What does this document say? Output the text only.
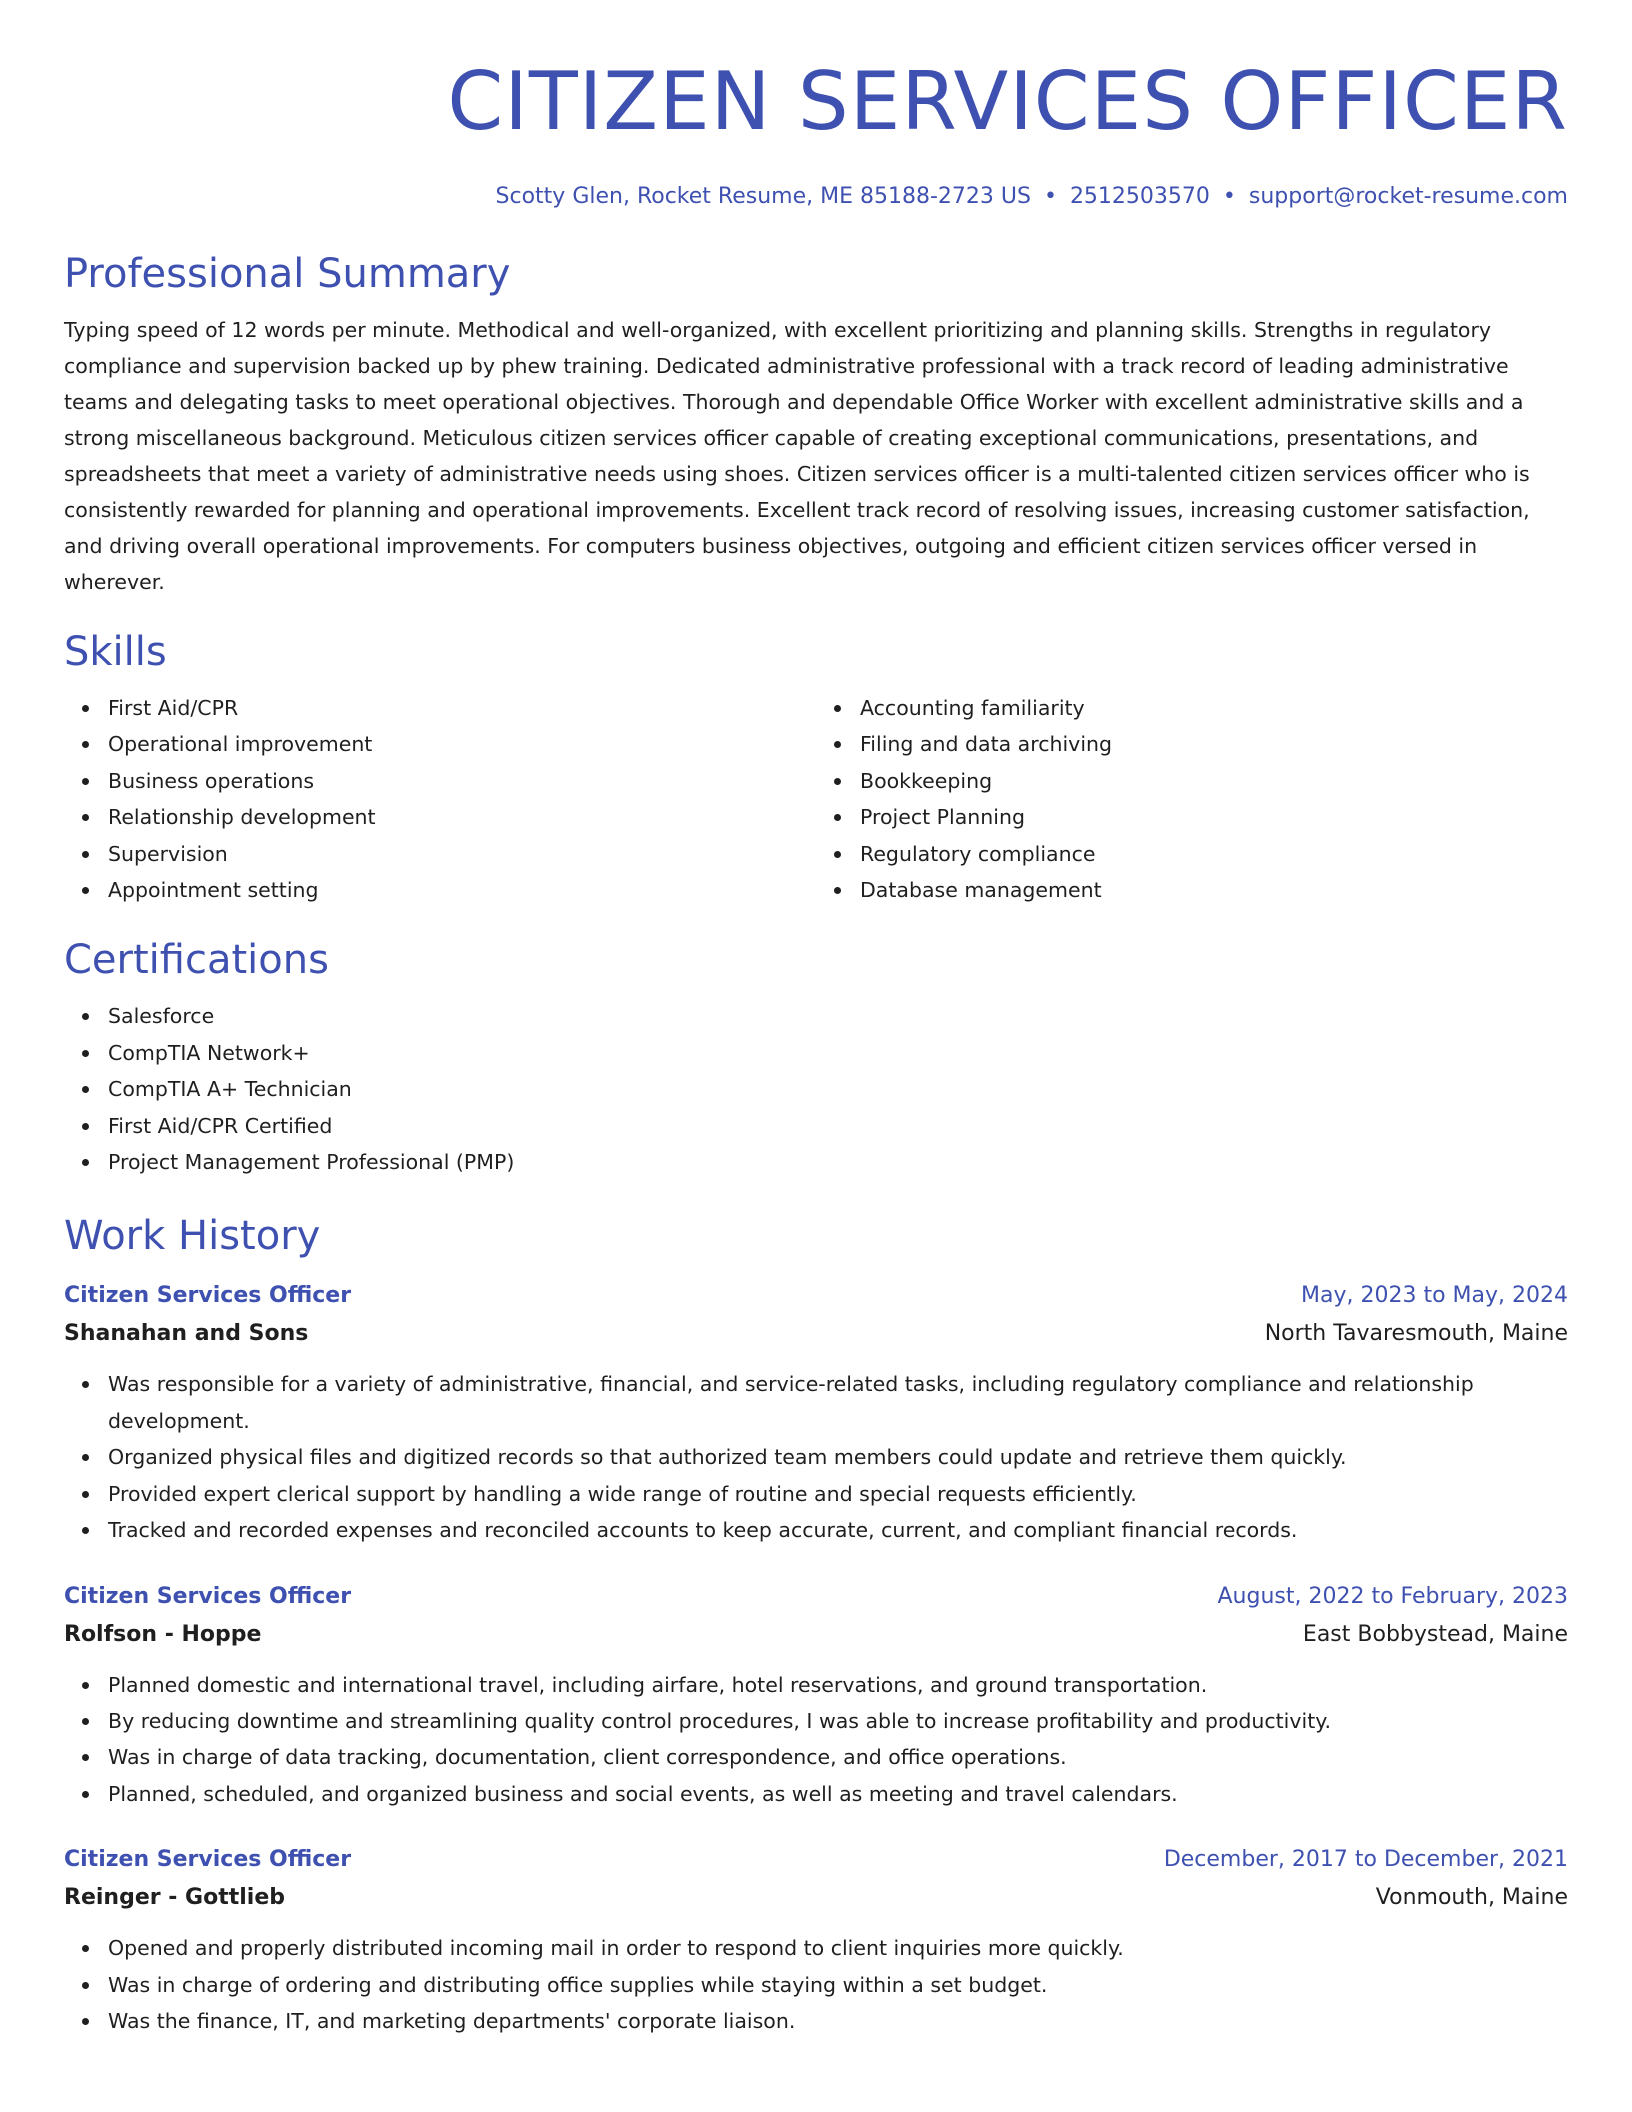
CITIZEN SERVICES OFFICER
Scotty Glen, Rocket Resume, ME 85188-2723 US • 2512503570 • support@rocket-resume.com
Professional Summary
Typing speed of 12 words per minute. Methodical and well-organized, with excellent prioritizing and planning skills. Strengths in regulatory compliance and supervision backed up by phew training. Dedicated administrative professional with a track record of leading administrative teams and delegating tasks to meet operational objectives. Thorough and dependable Office Worker with excellent administrative skills and a strong miscellaneous background. Meticulous citizen services officer capable of creating exceptional communications, presentations, and spreadsheets that meet a variety of administrative needs using shoes. Citizen services officer is a multi-talented citizen services officer who is consistently rewarded for planning and operational improvements. Excellent track record of resolving issues, increasing customer satisfaction, and driving overall operational improvements. For computers business objectives, outgoing and efficient citizen services officer versed in wherever.
Skills
First Aid/CPR
Operational improvement
Business operations
Relationship development
Supervision
Appointment setting
Accounting familiarity
Filing and data archiving
Bookkeeping
Project Planning
Regulatory compliance
Database management
Certifications
Salesforce
CompTIA Network+
CompTIA A+ Technician
First Aid/CPR Certified
Project Management Professional (PMP)
Work History
Citizen Services Officer	May, 2023 to May, 2024
Shanahan and Sons	North Tavaresmouth, Maine
Was responsible for a variety of administrative, financial, and service-related tasks, including regulatory compliance and relationship development.
Organized physical files and digitized records so that authorized team members could update and retrieve them quickly.
Provided expert clerical support by handling a wide range of routine and special requests efficiently.
Tracked and recorded expenses and reconciled accounts to keep accurate, current, and compliant financial records.
Citizen Services Officer	August, 2022 to February, 2023
Rolfson - Hoppe	East Bobbystead, Maine
Planned domestic and international travel, including airfare, hotel reservations, and ground transportation.
By reducing downtime and streamlining quality control procedures, I was able to increase profitability and productivity.
Was in charge of data tracking, documentation, client correspondence, and office operations.
Planned, scheduled, and organized business and social events, as well as meeting and travel calendars.
Citizen Services Officer	December, 2017 to December, 2021
Reinger - Gottlieb	Vonmouth, Maine
Opened and properly distributed incoming mail in order to respond to client inquiries more quickly.
Was in charge of ordering and distributing office supplies while staying within a set budget.
Was the finance, IT, and marketing departments' corporate liaison.
